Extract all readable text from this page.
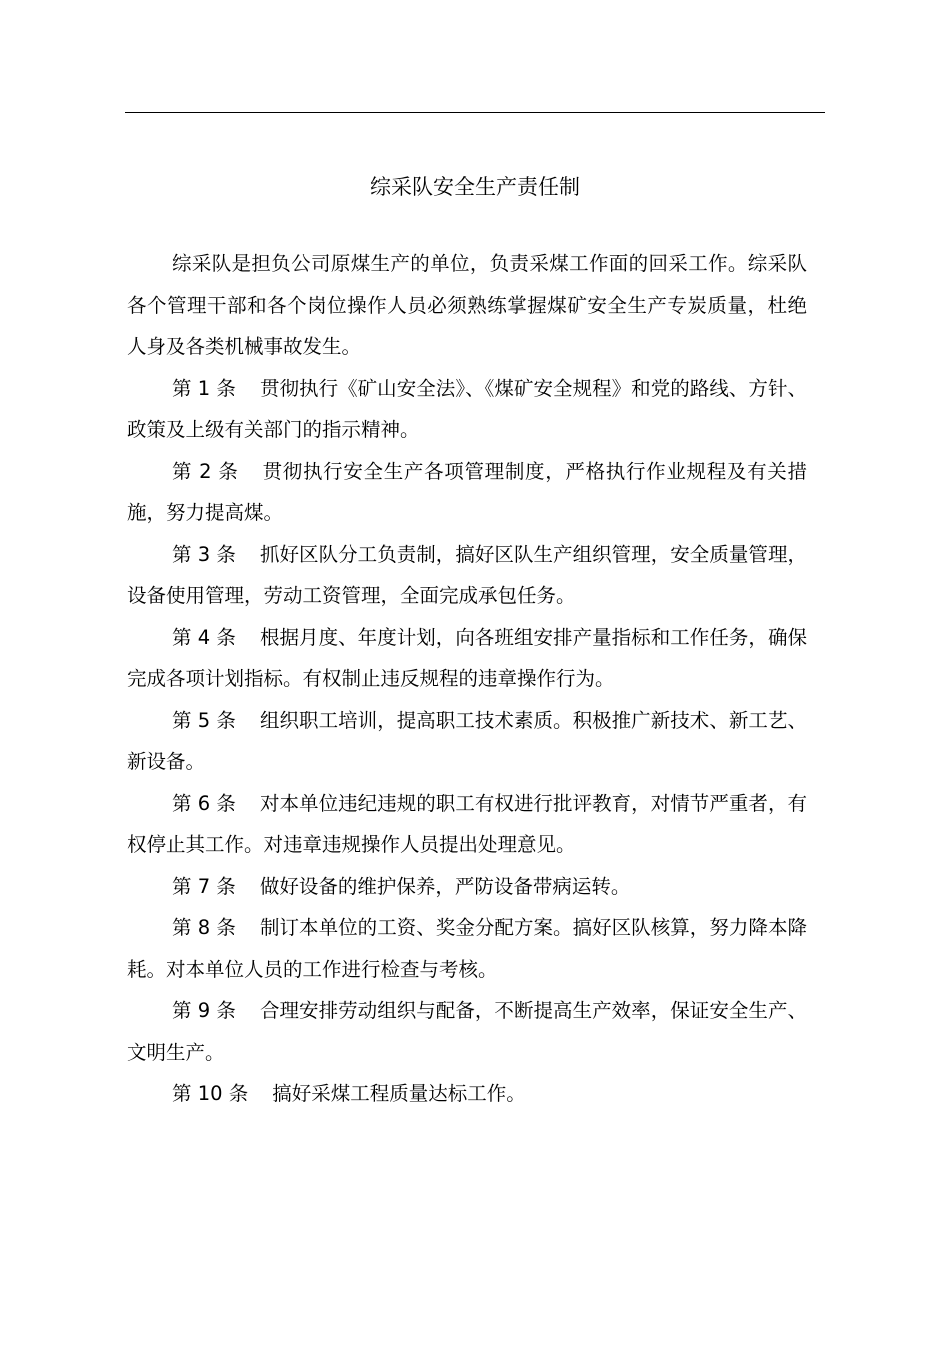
综采队安全生产责任制

综采队是担负公司原煤生产的单位，负责采煤工作面的回采工作。综采队各个管理干部和各个岗位操作人员必须熟练掌握煤矿安全生产专炭质量，杜绝人身及各类机械事故发生。

第 1 条 贯彻执行《矿山安全法》、《煤矿安全规程》和党的路线、方针、政策及上级有关部门的指示精神。

第 2 条 贯彻执行安全生产各项管理制度，严格执行作业规程及有关措施，努力提高煤。

第 3 条 抓好区队分工负责制，搞好区队生产组织管理，安全质量管理，设备使用管理，劳动工资管理，全面完成承包任务。

第 4 条 根据月度、年度计划，向各班组安排产量指标和工作任务，确保完成各项计划指标。有权制止违反规程的违章操作行为。

第 5 条 组织职工培训，提高职工技术素质。积极推广新技术、新工艺、新设备。

第 6 条 对本单位违纪违规的职工有权进行批评教育，对情节严重者，有权停止其工作。对违章违规操作人员提出处理意见。

第 7 条 做好设备的维护保养，严防设备带病运转。

第 8 条 制订本单位的工资、奖金分配方案。搞好区队核算，努力降本降耗。对本单位人员的工作进行检查与考核。

第 9 条 合理安排劳动组织与配备，不断提高生产效率，保证安全生产、文明生产。

第 10 条 搞好采煤工程质量达标工作。
